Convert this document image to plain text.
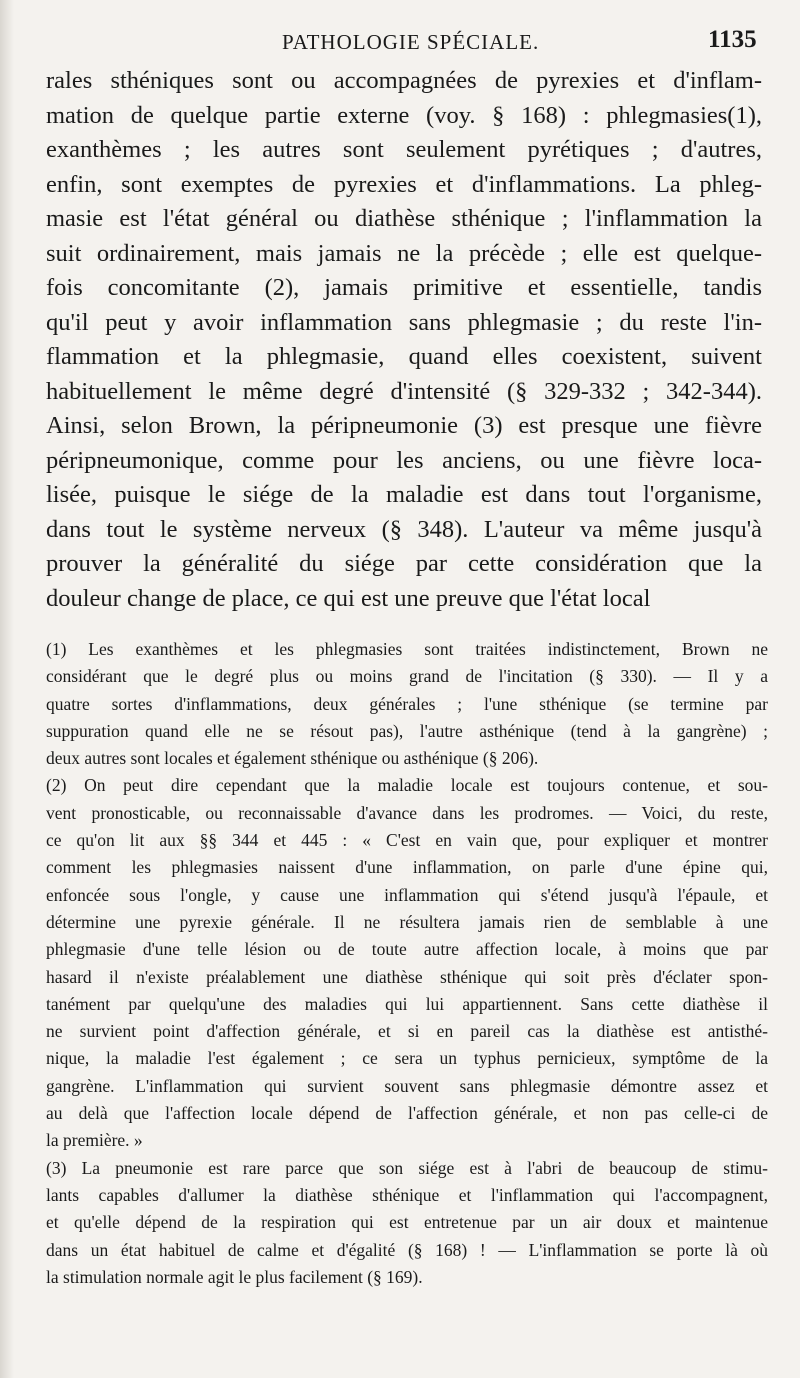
PATHOLOGIE SPÉCIALE.	1135
rales sthéniques sont ou accompagnées de pyrexies et d'inflam-
mation de quelque partie externe (voy. § 168) : phlegmasies(1),
exanthèmes ; les autres sont seulement pyrétiques ; d'autres,
enfin, sont exemptes de pyrexies et d'inflammations. La phleg-
masie est l'état général ou diathèse sthénique ; l'inflammation la
suit ordinairement, mais jamais ne la précède ; elle est quelque-
fois concomitante (2), jamais primitive et essentielle, tandis
qu'il peut y avoir inflammation sans phlegmasie ; du reste l'in-
flammation et la phlegmasie, quand elles coexistent, suivent
habituellement le même degré d'intensité (§ 329-332 ; 342-344).
Ainsi, selon Brown, la péripneumonie (3) est presque une fièvre
péripneumonique, comme pour les anciens, ou une fièvre loca-
lisée, puisque le siége de la maladie est dans tout l'organisme,
dans tout le système nerveux (§ 348). L'auteur va même jusqu'à
prouver la généralité du siége par cette considération que la
douleur change de place, ce qui est une preuve que l'état local
(1) Les exanthèmes et les phlegmasies sont traitées indistinctement, Brown ne
considérant que le degré plus ou moins grand de l'incitation (§ 330). — Il y a
quatre sortes d'inflammations, deux générales ; l'une sthénique (se termine par
suppuration quand elle ne se résout pas), l'autre asthénique (tend à la gangrène) ;
deux autres sont locales et également sthénique ou asthénique (§ 206).
(2) On peut dire cependant que la maladie locale est toujours contenue, et sou-
vent pronosticable, ou reconnaissable d'avance dans les prodromes. — Voici, du reste,
ce qu'on lit aux §§ 344 et 445 : « C'est en vain que, pour expliquer et montrer
comment les phlegmasies naissent d'une inflammation, on parle d'une épine qui,
enfoncée sous l'ongle, y cause une inflammation qui s'étend jusqu'à l'épaule, et
détermine une pyrexie générale. Il ne résultera jamais rien de semblable à une
phlegmasie d'une telle lésion ou de toute autre affection locale, à moins que par
hasard il n'existe préalablement une diathèse sthénique qui soit près d'éclater spon-
tanément par quelqu'une des maladies qui lui appartiennent. Sans cette diathèse il
ne survient point d'affection générale, et si en pareil cas la diathèse est antisthé-
nique, la maladie l'est également ; ce sera un typhus pernicieux, symptôme de la
gangrène. L'inflammation qui survient souvent sans phlegmasie démontre assez et
au delà que l'affection locale dépend de l'affection générale, et non pas celle-ci de
la première. »
(3) La pneumonie est rare parce que son siége est à l'abri de beaucoup de stimu-
lants capables d'allumer la diathèse sthénique et l'inflammation qui l'accompagnent,
et qu'elle dépend de la respiration qui est entretenue par un air doux et maintenue
dans un état habituel de calme et d'égalité (§ 168) ! — L'inflammation se porte là où
la stimulation normale agit le plus facilement (§ 169).
